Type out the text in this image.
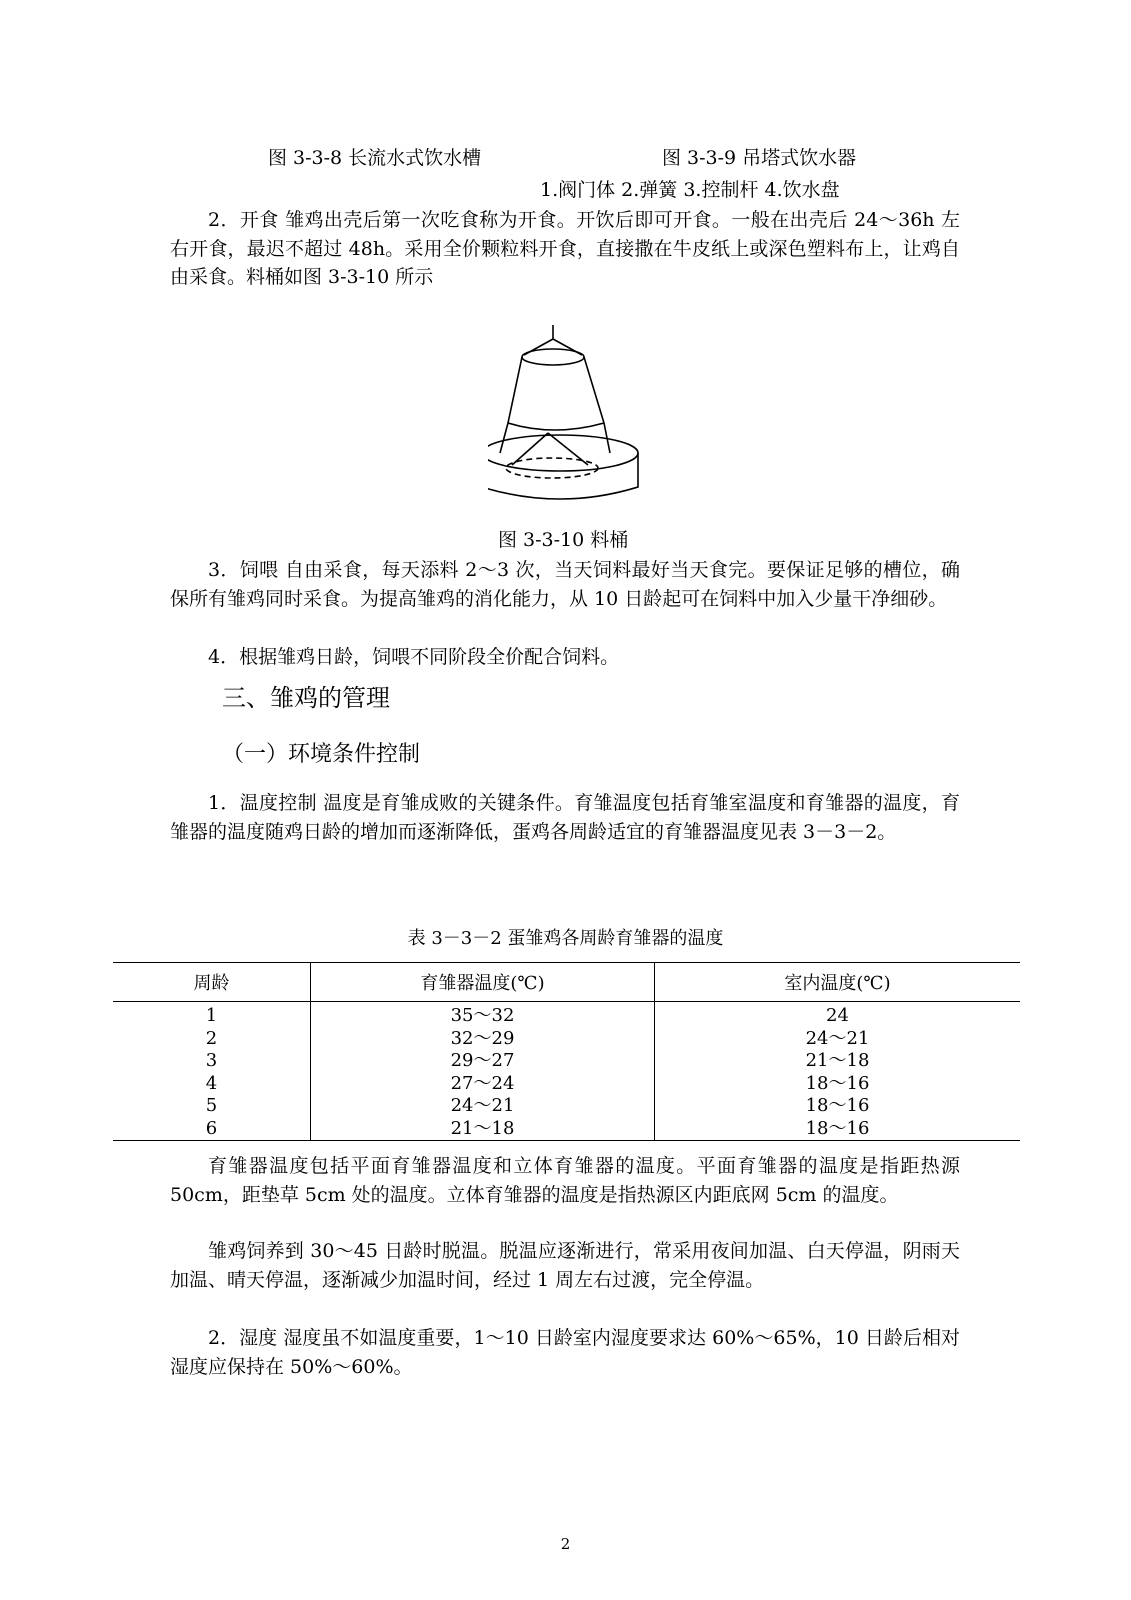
图 3-3-8 长流水式饮水槽	图 3-3-9 吊塔式饮水器
1.阀门体 2.弹簧 3.控制杆 4.饮水盘
2．开食 雏鸡出壳后第一次吃食称为开食。开饮后即可开食。一般在出壳后 24～36h 左右开食，最迟不超过 48h。采用全价颗粒料开食，直接撒在牛皮纸上或深色塑料布上，让鸡自由采食。料桶如图 3-3-10 所示
图 3-3-10 料桶
3．饲喂 自由采食，每天添料 2～3 次，当天饲料最好当天食完。要保证足够的槽位，确保所有雏鸡同时采食。为提高雏鸡的消化能力，从 10 日龄起可在饲料中加入少量干净细砂。
4．根据雏鸡日龄，饲喂不同阶段全价配合饲料。
三、雏鸡的管理
（一）环境条件控制
1．温度控制 温度是育雏成败的关键条件。育雏温度包括育雏室温度和育雏器的温度，育雏器的温度随鸡日龄的增加而逐渐降低，蛋鸡各周龄适宜的育雏器温度见表 3－3－2。
表 3－3－2 蛋雏鸡各周龄育雏器的温度
周龄	育雏器温度(℃)	室内温度(℃)
1	35～32	24
2	32～29	24～21
3	29～27	21～18
4	27～24	18～16
5	24～21	18～16
6	21～18	18～16
育雏器温度包括平面育雏器温度和立体育雏器的温度。平面育雏器的温度是指距热源 50cm，距垫草 5cm 处的温度。立体育雏器的温度是指热源区内距底网 5cm 的温度。
雏鸡饲养到 30～45 日龄时脱温。脱温应逐渐进行，常采用夜间加温、白天停温，阴雨天加温、晴天停温，逐渐减少加温时间，经过 1 周左右过渡，完全停温。
2．湿度 湿度虽不如温度重要，1～10 日龄室内湿度要求达 60%～65%，10 日龄后相对湿度应保持在 50%～60%。
2
